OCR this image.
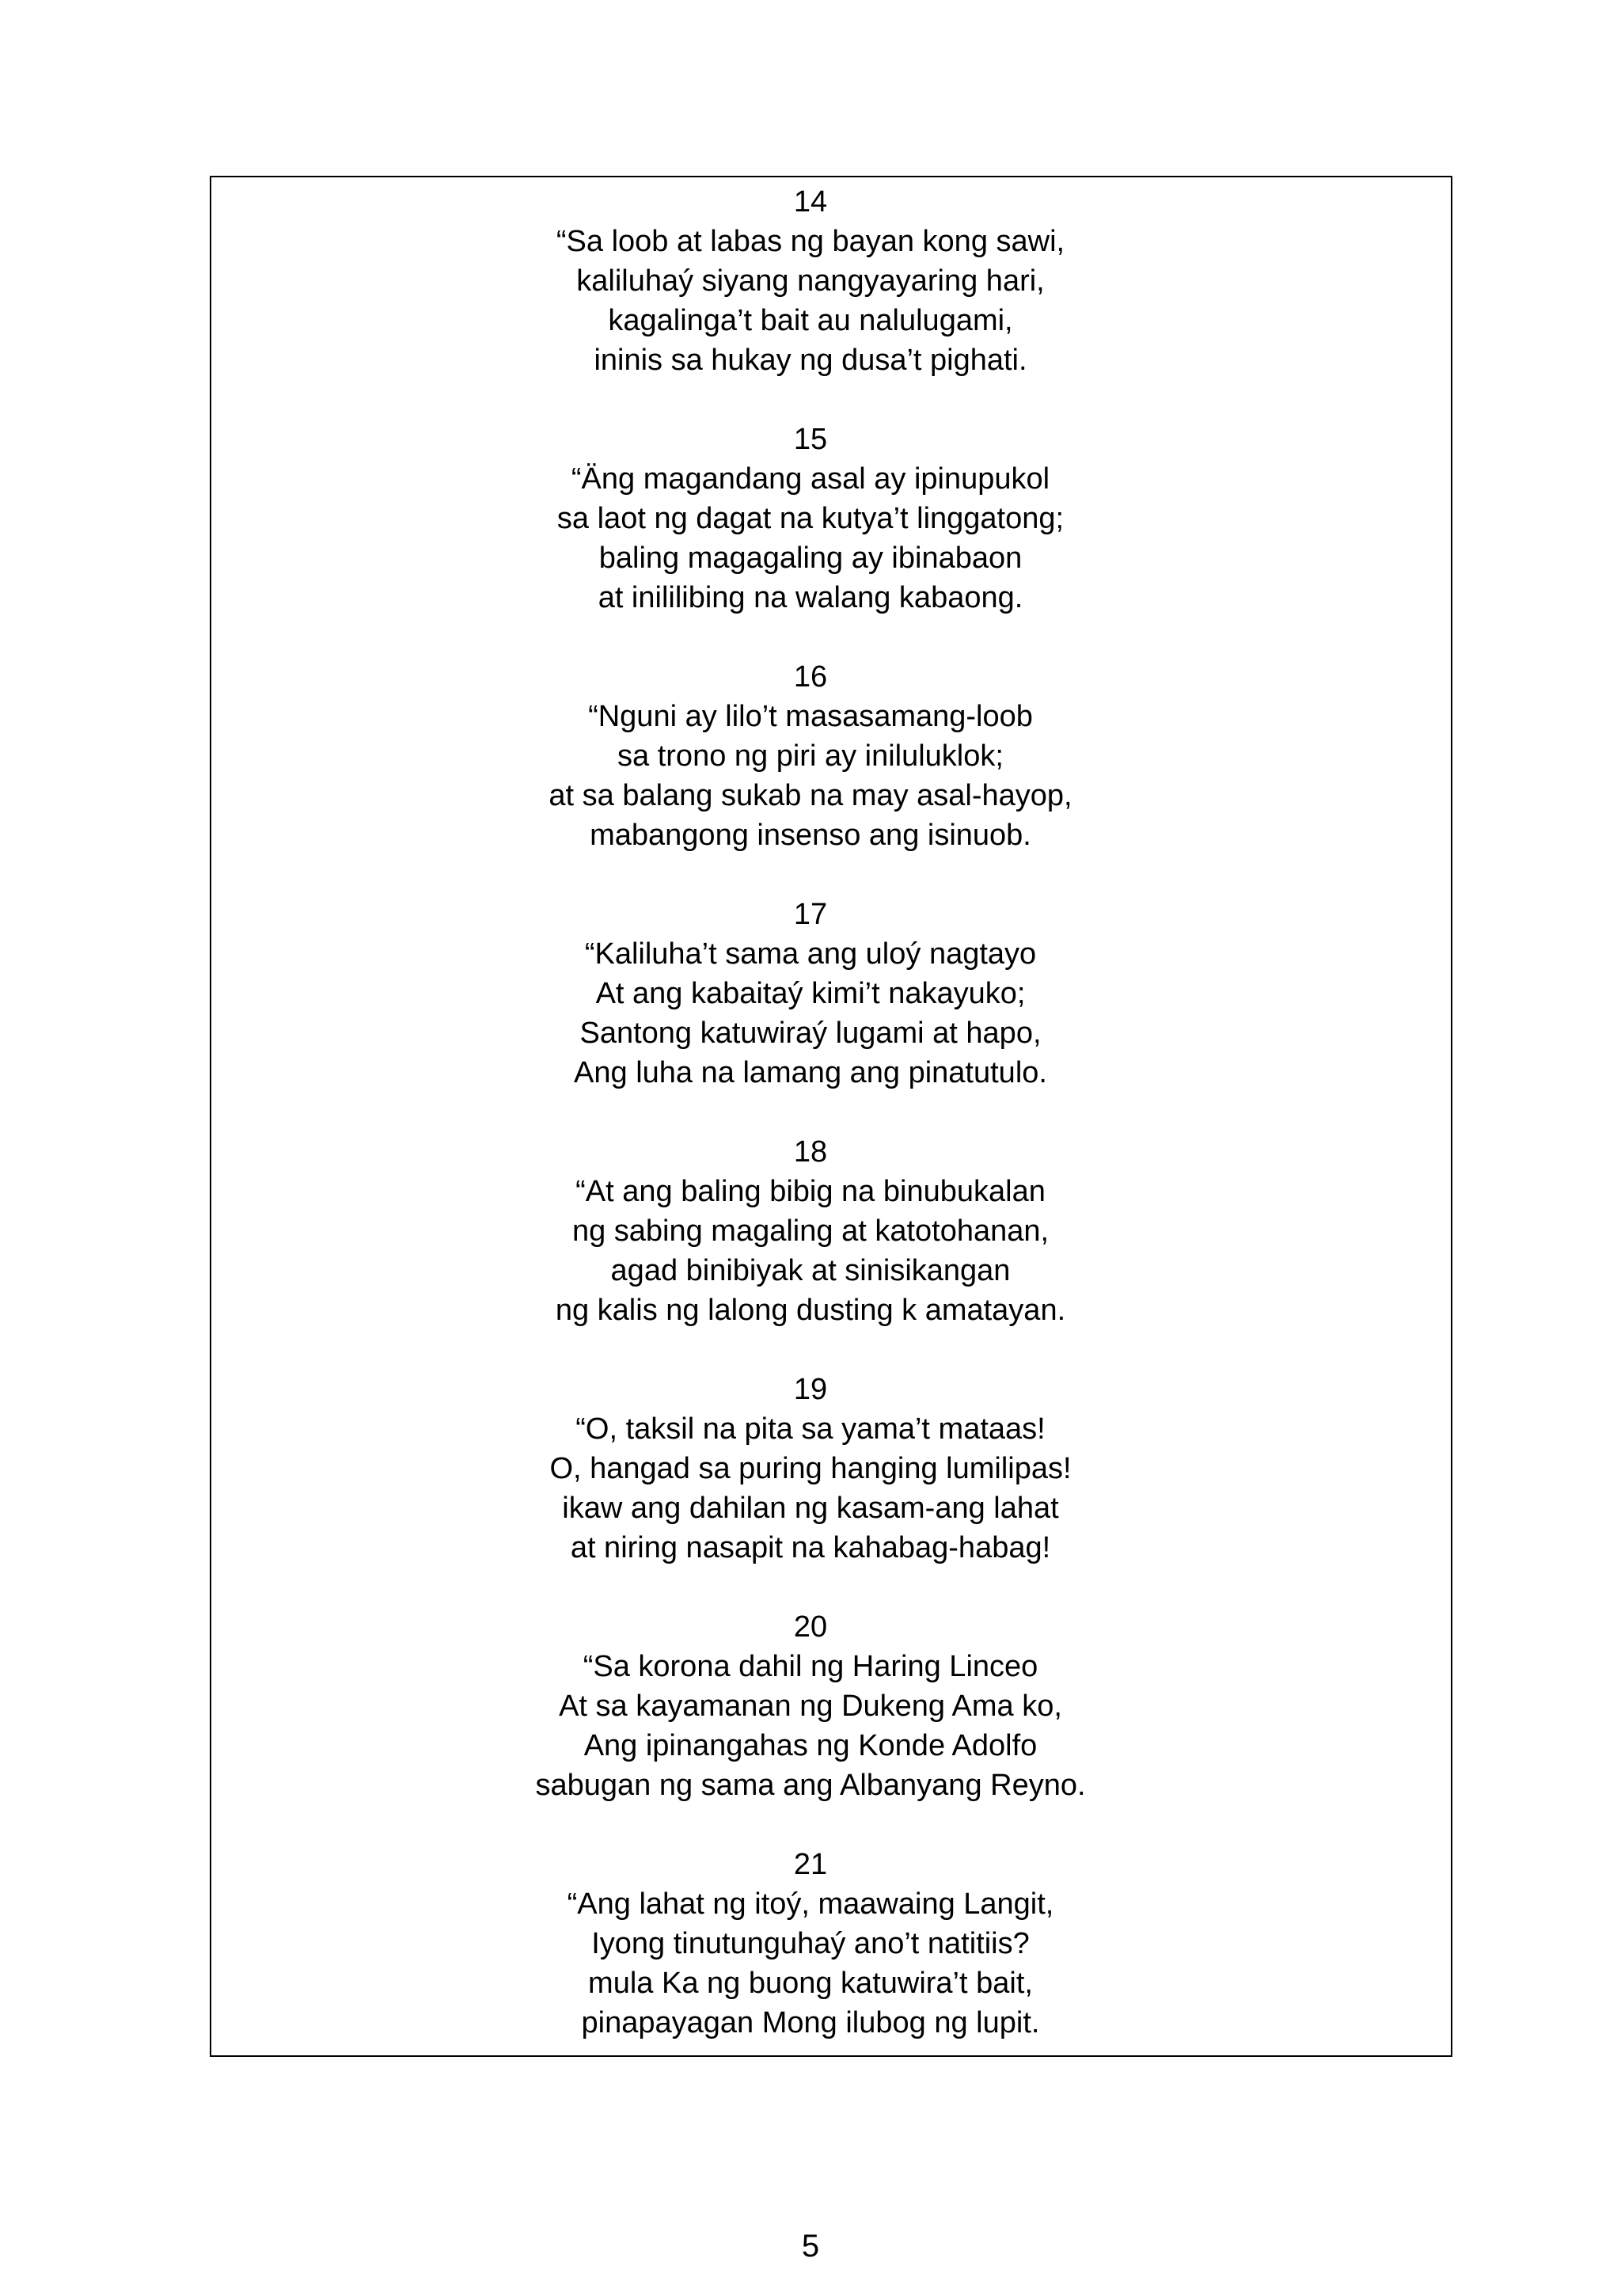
14
“Sa loob at labas ng bayan kong sawi,
kaliluhaý siyang nangyayaring hari,
kagalinga’t bait au nalulugami,
ininis sa hukay ng dusa’t pighati.
15
“Äng magandang asal ay ipinupukol
sa laot ng dagat na kutya’t linggatong;
baling magagaling ay ibinabaon
at inililibing na walang kabaong.
16
“Nguni ay lilo’t masasamang-loob
sa trono ng piri ay iniluluklok;
at sa balang sukab na may asal-hayop,
mabangong insenso ang isinuob.
17
“Kaliluha’t sama ang uloý nagtayo
At ang kabaitaý kimi’t nakayuko;
Santong katuwiraý lugami at hapo,
Ang luha na lamang ang pinatutulo.
18
“At ang baling bibig na binubukalan
ng sabing magaling at katotohanan,
agad binibiyak at sinisikangan
ng kalis ng lalong dusting k amatayan.
19
“O, taksil na pita sa yama’t mataas!
O, hangad sa puring hanging lumilipas!
ikaw ang dahilan ng kasam-ang lahat
at niring nasapit na kahabag-habag!
20
“Sa korona dahil ng Haring Linceo
At sa kayamanan ng Dukeng Ama ko,
Ang ipinangahas ng Konde Adolfo
sabugan ng sama ang Albanyang Reyno.
21
“Ang lahat ng itoý, maawaing Langit,
Iyong tinutunguhaý ano’t natitiis?
mula Ka ng buong katuwira’t bait,
pinapayagan Mong ilubog ng lupit.
5
